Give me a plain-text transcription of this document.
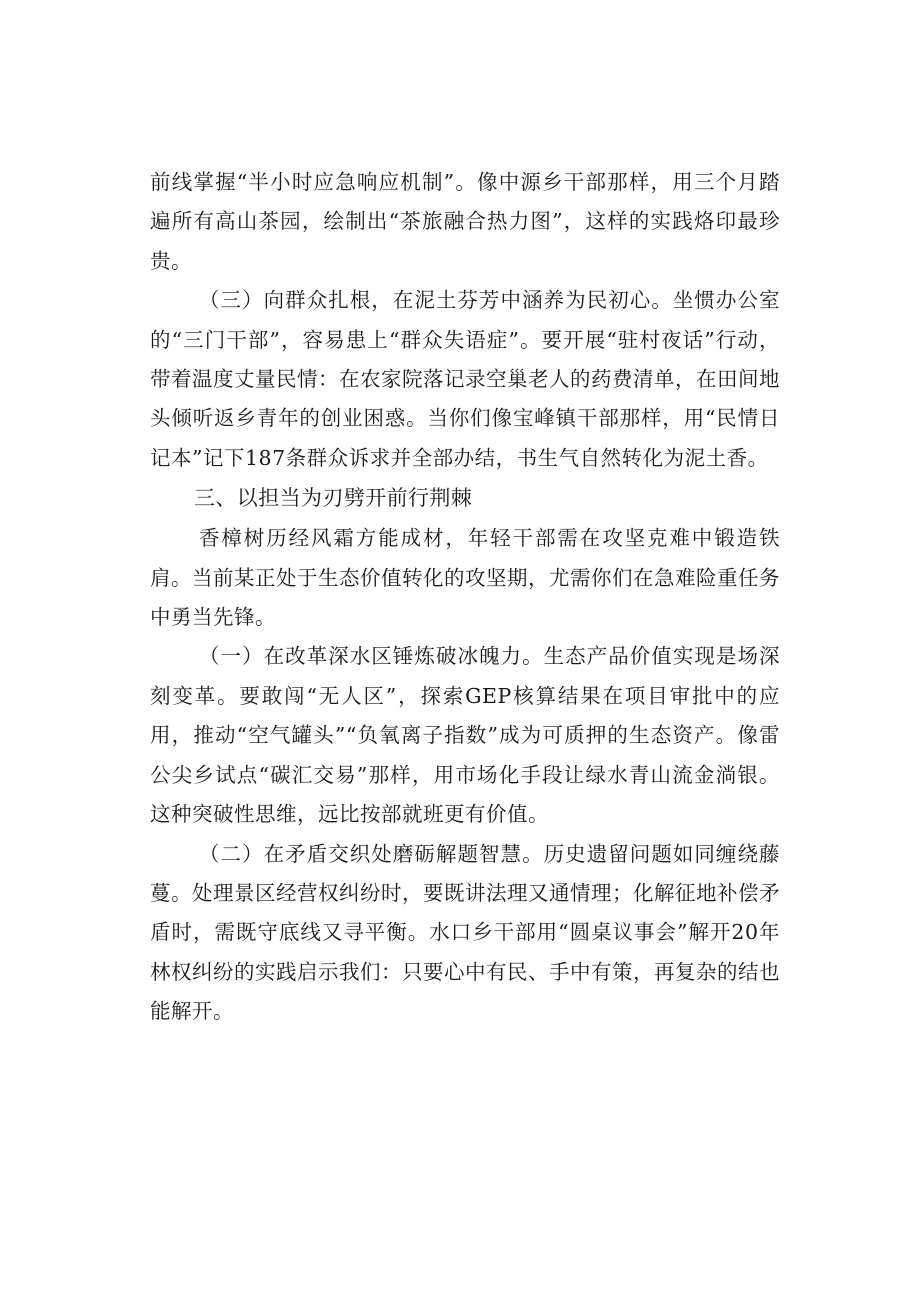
前线掌握“半小时应急响应机制”。像中源乡干部那样，用三个月踏遍所有高山茶园，绘制出“茶旅融合热力图”，这样的实践烙印最珍贵。

（三）向群众扎根，在泥土芬芳中涵养为民初心。坐惯办公室的“三门干部”，容易患上“群众失语症”。要开展“驻村夜话”行动，带着温度丈量民情：在农家院落记录空巢老人的药费清单，在田间地头倾听返乡青年的创业困惑。当你们像宝峰镇干部那样，用“民情日记本”记下187条群众诉求并全部办结，书生气自然转化为泥土香。

三、以担当为刃劈开前行荆棘

香樟树历经风霜方能成材，年轻干部需在攻坚克难中锻造铁肩。当前某正处于生态价值转化的攻坚期，尤需你们在急难险重任务中勇当先锋。

（一）在改革深水区锤炼破冰魄力。生态产品价值实现是场深刻变革。要敢闯“无人区”，探索GEP核算结果在项目审批中的应用，推动“空气罐头”“负氧离子指数”成为可质押的生态资产。像雷公尖乡试点“碳汇交易”那样，用市场化手段让绿水青山流金淌银。这种突破性思维，远比按部就班更有价值。

（二）在矛盾交织处磨砺解题智慧。历史遗留问题如同缠绕藤蔓。处理景区经营权纠纷时，要既讲法理又通情理；化解征地补偿矛盾时，需既守底线又寻平衡。水口乡干部用“圆桌议事会”解开20年林权纠纷的实践启示我们：只要心中有民、手中有策，再复杂的结也能解开。
